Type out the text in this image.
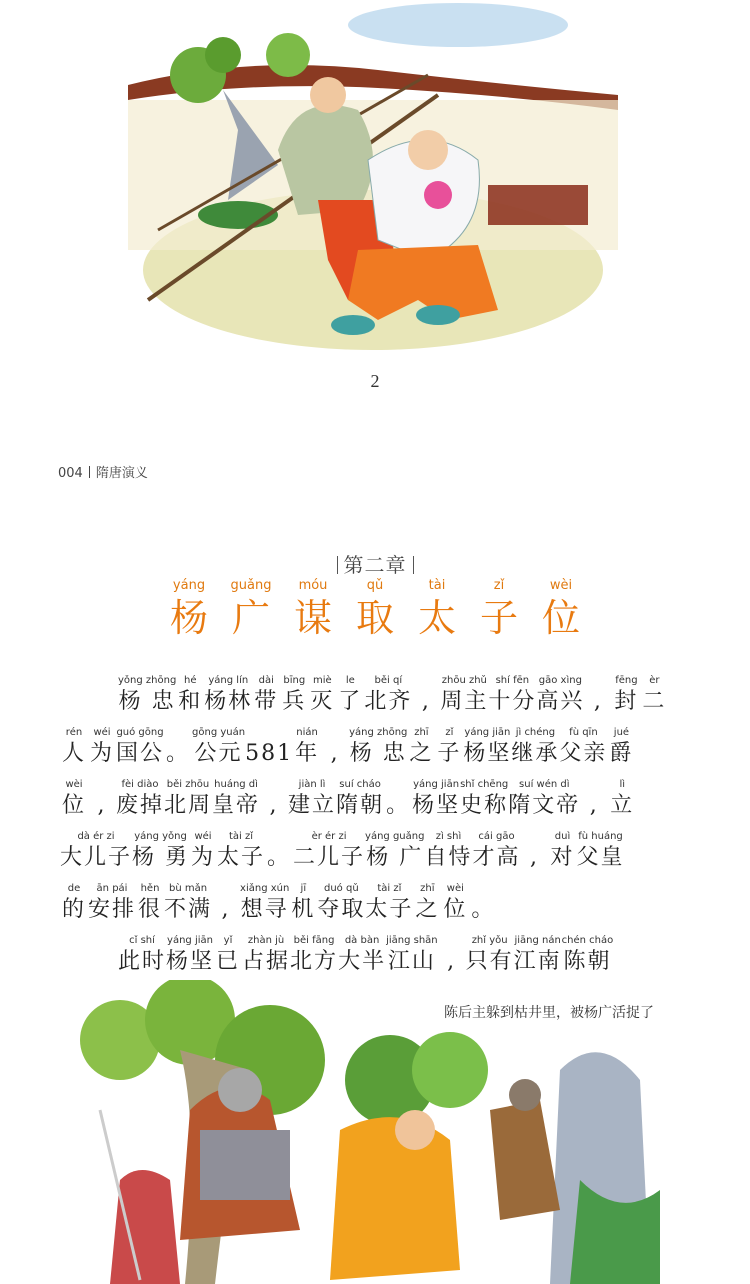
2
004 隋唐演义
第二章
yáng
杨
guǎng
广
móu
谋
qǔ
取
tài
太
zǐ
子
wèi
位
yǒng zhōng
杨 忠
hé
和
yáng lín
杨林
dài
带
bīng
兵
miè
灭
le
了
běi qí
北齐 ,
zhōu zhǔ
周主
shí fēn
十分
gāo xìng
高兴 ,
fēng
封
èr
二
rén
人
wéi
为
guó gōng
国公 。
gōng yuán
公元 581
nián
年 ,
yáng zhōng
杨 忠
zhī
之
zǐ
子
yáng jiān
杨坚
jì chéng
继承
fù qīn
父亲
jué
爵
wèi
位 ,
fèi diào
废掉
běi zhōu
北周
huáng dì
皇帝 ,
jiàn lì
建立
suí cháo
隋朝 。
yáng jiān
杨坚
shǐ chēng
史称
suí wén dì
隋文帝 ,
lì
立
dà ér zi
大儿子
yáng yǒng
杨 勇
wéi
为
tài zǐ
太子 。
èr ér zi
二儿子
yáng guǎng
杨 广
zì shì
自恃
cái gāo
才高 ,
duì
对
fù huáng
父皇
de
的
ān pái
安排
hěn
很
bù mǎn
不满 ,
xiǎng xún
想寻
jī
机
duó qǔ
夺取
tài zǐ
太子
zhī
之
wèi
位 。
cǐ shí
此时
yáng jiān
杨坚
yǐ
已
zhàn jù
占据
běi fāng
北方
dà bàn
大半
jiāng shān
江山 ,
zhǐ yǒu
只有
jiāng nán
江南
chén cháo
陈朝
陈后主躲到枯井里，被杨广活捉了
